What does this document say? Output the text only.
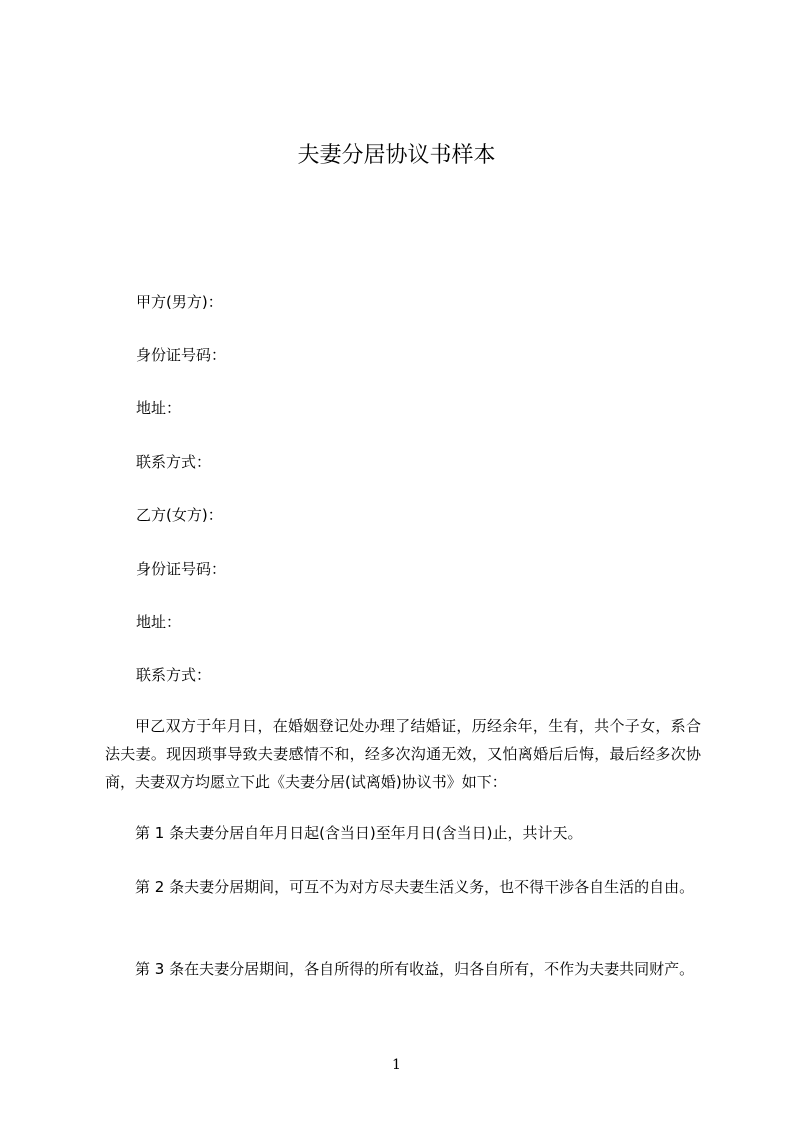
夫妻分居协议书样本
甲方(男方)：
身份证号码：
地址：
联系方式：
乙方(女方)：
身份证号码：
地址：
联系方式：

甲乙双方于年月日，在婚姻登记处办理了结婚证，历经余年，生有，共个子女，系合法夫妻。现因琐事导致夫妻感情不和，经多次沟通无效，又怕离婚后后悔，最后经多次协商，夫妻双方均愿立下此《夫妻分居(试离婚)协议书》如下：

第 1 条夫妻分居自年月日起(含当日)至年月日(含当日)止，共计天。

第 2 条夫妻分居期间，可互不为对方尽夫妻生活义务，也不得干涉各自生活的自由。

第 3 条在夫妻分居期间，各自所得的所有收益，归各自所有，不作为夫妻共同财产。

1
